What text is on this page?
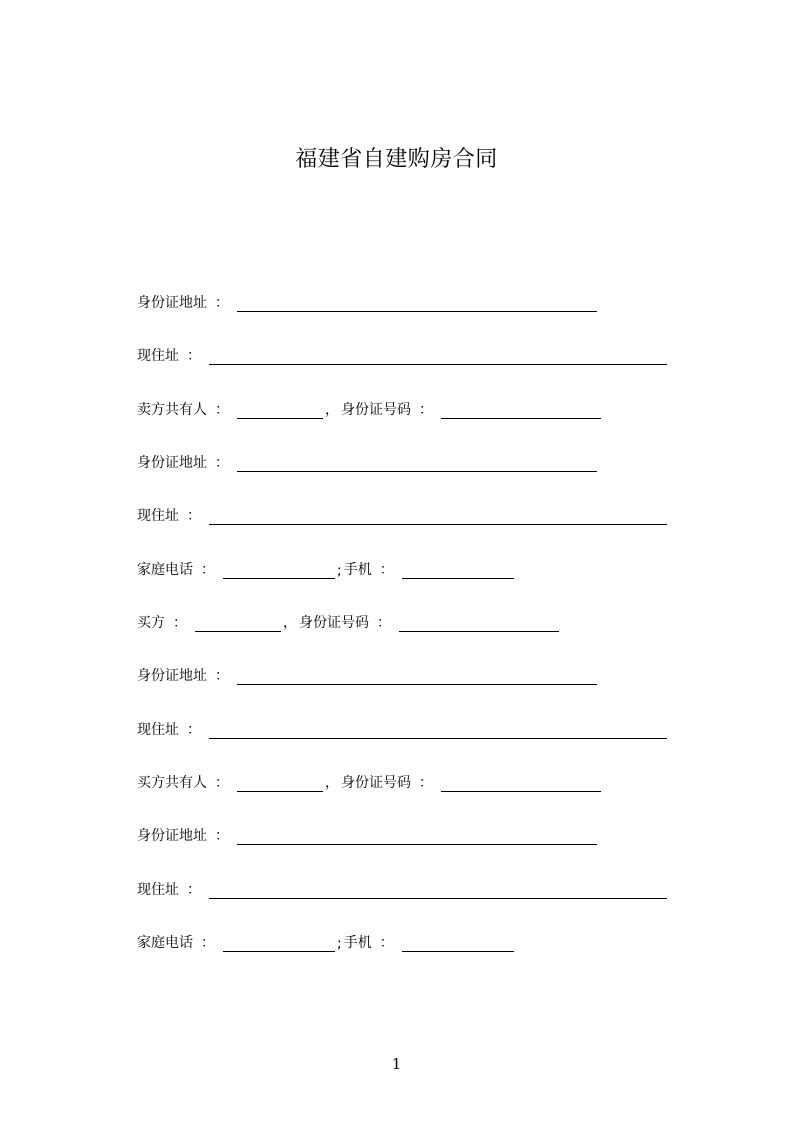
福建省自建购房合同
身份证地址 ：
现住址 ：
卖方共有人 ：	， 身份证号码 ：
身份证地址 ：
现住址 ：
家庭电话 ：	; 手机 ：
买方 ：	， 身份证号码 ：
身份证地址 ：
现住址 ：
买方共有人 ：	， 身份证号码 ：
身份证地址 ：
现住址 ：
家庭电话 ：	; 手机 ：
1
